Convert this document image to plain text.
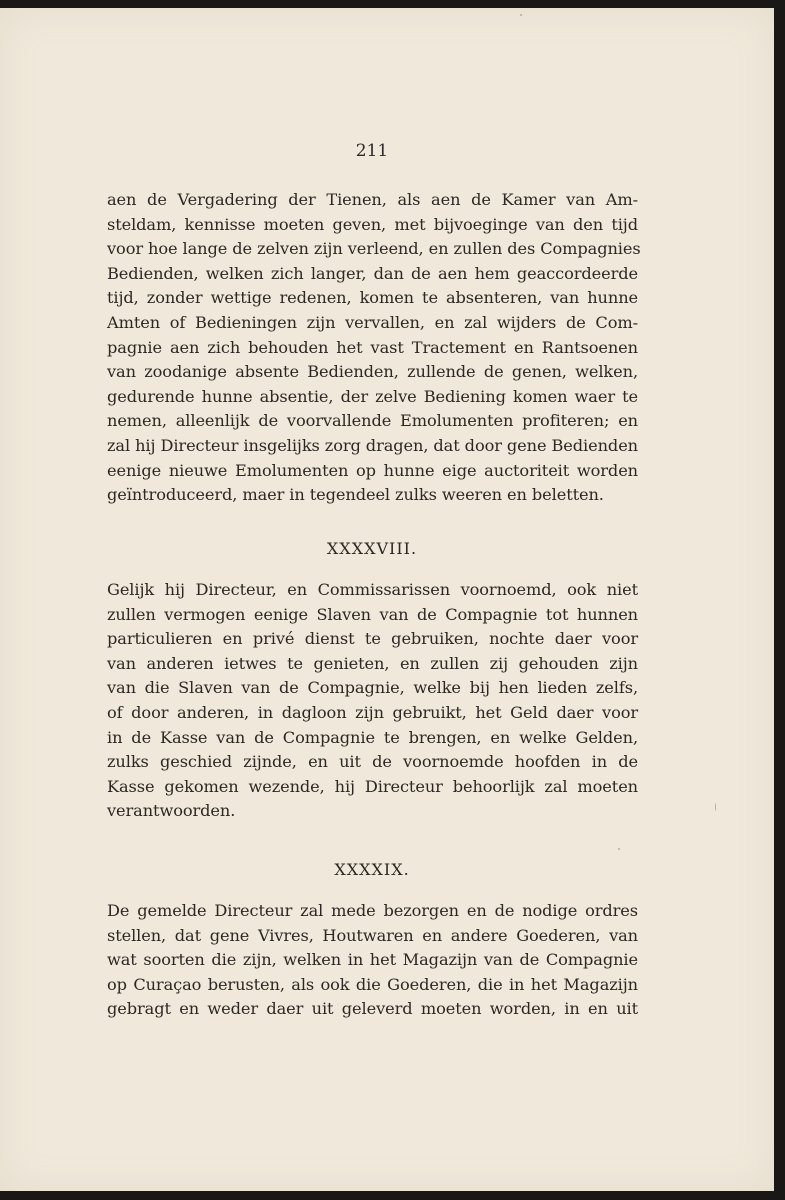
211
aen de Vergadering der Tienen, als aen de Kamer van Am-
steldam, kennisse moeten geven, met bijvoeginge van den tijd
voor hoe lange de zelven zijn verleend, en zullen des Compagnies
Bedienden, welken zich langer, dan de aen hem geaccordeerde
tijd, zonder wettige redenen, komen te absenteren, van hunne
Amten of Bedieningen zijn vervallen, en zal wijders de Com-
pagnie aen zich behouden het vast Tractement en Rantsoenen
van zoodanige absente Bedienden, zullende de genen, welken,
gedurende hunne absentie, der zelve Bediening komen waer te
nemen, alleenlijk de voorvallende Emolumenten profiteren; en
zal hij Directeur insgelijks zorg dragen, dat door gene Bedienden
eenige nieuwe Emolumenten op hunne eige auctoriteit worden
geïntroduceerd, maer in tegendeel zulks weeren en beletten.
XXXXVIII.
Gelijk hij Directeur, en Commissarissen voornoemd, ook niet
zullen vermogen eenige Slaven van de Compagnie tot hunnen
particulieren en privé dienst te gebruiken, nochte daer voor
van anderen ietwes te genieten, en zullen zij gehouden zijn
van die Slaven van de Compagnie, welke bij hen lieden zelfs,
of door anderen, in dagloon zijn gebruikt, het Geld daer voor
in de Kasse van de Compagnie te brengen, en welke Gelden,
zulks geschied zijnde, en uit de voornoemde hoofden in de
Kasse gekomen wezende, hij Directeur behoorlijk zal moeten
verantwoorden.
XXXXIX.
De gemelde Directeur zal mede bezorgen en de nodige ordres
stellen, dat gene Vivres, Houtwaren en andere Goederen, van
wat soorten die zijn, welken in het Magazijn van de Compagnie
op Curaçao berusten, als ook die Goederen, die in het Magazijn
gebragt en weder daer uit geleverd moeten worden, in en uit
